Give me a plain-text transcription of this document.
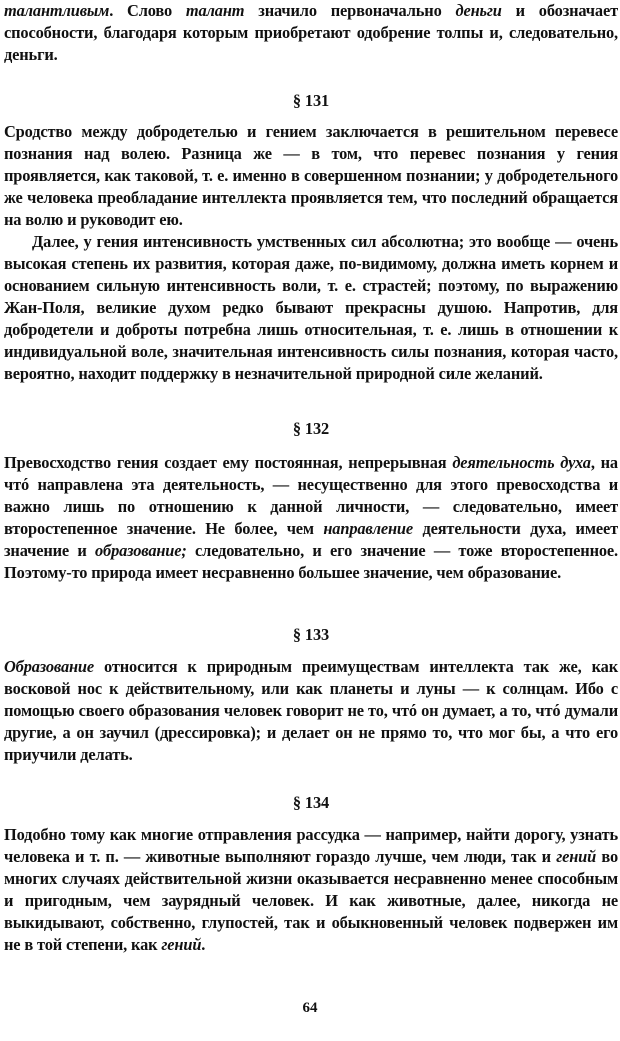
талантливым. Слово талант значило первоначально деньги и обозначает способности, благодаря которым приобретают одобрение толпы и, следовательно, деньги.

§ 131

Сродство между добродетелью и гением заключается в решительном перевесе познания над волею. Разница же — в том, что перевес познания у гения проявляется, как таковой, т. е. именно в совершенном познании; у добродетельного же человека преобладание интеллекта проявляется тем, что последний обращается на волю и руководит ею.

Далее, у гения интенсивность умственных сил абсолютна; это вообще — очень высокая степень их развития, которая даже, по-видимому, должна иметь корнем и основанием сильную интенсивность воли, т. е. страстей; поэтому, по выражению Жан-Поля, великие духом редко бывают прекрасны душою. Напротив, для добродетели и доброты потребна лишь относительная, т. е. лишь в отношении к индивидуальной воле, значительная интенсивность силы познания, которая часто, вероятно, находит поддержку в незначительной природной силе желаний.

§ 132

Превосходство гения создает ему постоянная, непрерывная деятельность духа, на чтó направлена эта деятельность, — несущественно для этого превосходства и важно лишь по отношению к данной личности, — следовательно, имеет второстепенное значение. Не более, чем направление деятельности духа, имеет значение и образование; следовательно, и его значение — тоже второстепенное. Поэтому-то природа имеет несравненно большее значение, чем образование.

§ 133

Образование относится к природным преимуществам интеллекта так же, как восковой нос к действительному, или как планеты и луны — к солнцам. Ибо с помощью своего образования человек говорит не то, чтó он думает, а то, чтó думали другие, а он заучил (дрессировка); и делает он не прямо то, что мог бы, а что его приучили делать.

§ 134

Подобно тому как многие отправления рассудка — например, найти дорогу, узнать человека и т. п. — животные выполняют гораздо лучше, чем люди, так и гений во многих случаях действительной жизни оказывается несравненно менее способным и пригодным, чем заурядный человек. И как животные, далее, никогда не выкидывают, собственно, глупостей, так и обыкновенный человек подвержен им не в той степени, как гений.

64
